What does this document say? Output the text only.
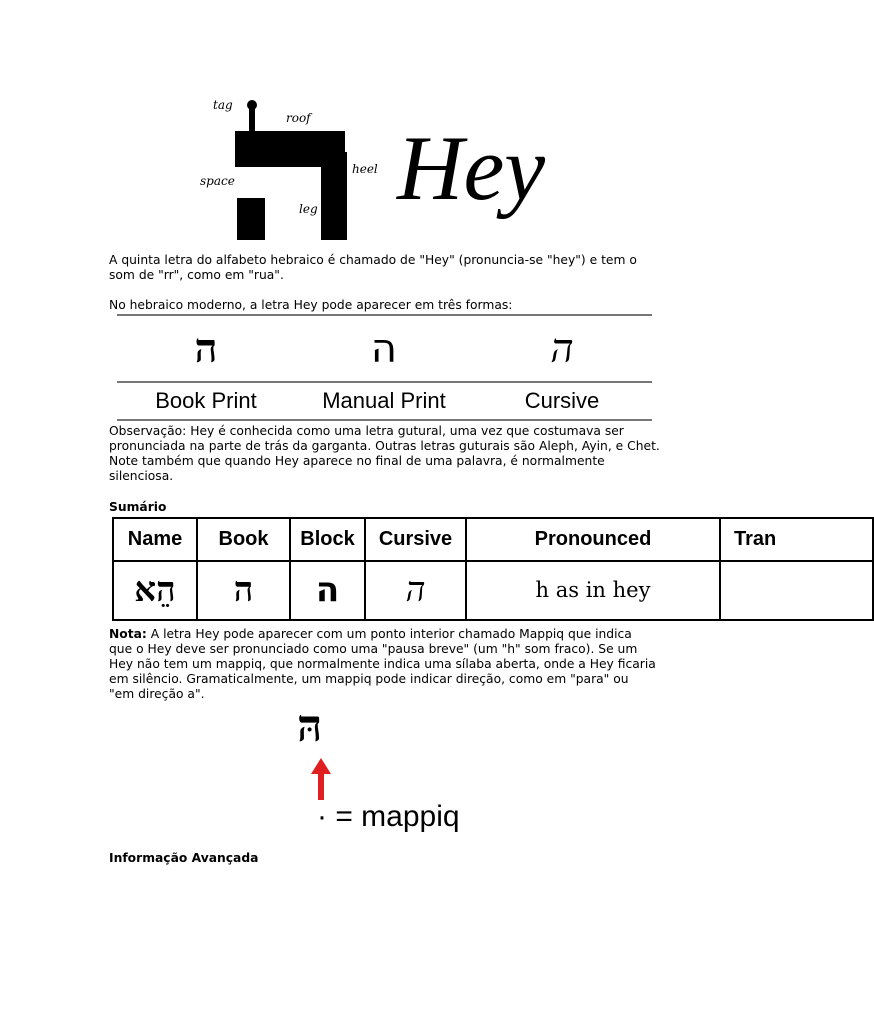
tag
roof
space
heel
leg Hey
A quinta letra do alfabeto hebraico é chamado de "Hey" (pronuncia-se "hey") e tem o som de "rr", como em "rua".
No hebraico moderno, a letra Hey pode aparecer em três formas:
ה
Book Print
ה
Manual Print
ה
Cursive
Observação: Hey é conhecida como uma letra gutural, uma vez que costumava ser pronunciada na parte de trás da garganta. Outras letras guturais são Aleph, Ayin, e Chet. Note também que quando Hey aparece no final de uma palavra, é normalmente silenciosa.
Sumário
Name	Book	Block	Cursive	Pronounced	Tran
הֵא	ה	ה	ה	h as in hey	
Nota: A letra Hey pode aparecer com um ponto interior chamado Mappiq que indica que o Hey deve ser pronunciado como uma "pausa breve" (um "h" som fraco). Se um Hey não tem um mappiq, que normalmente indica uma sílaba aberta, onde a Hey ficaria em silêncio. Gramaticalmente, um mappiq pode indicar direção, como em "para" ou "em direção a".
הּ
· = mappiq
Informação Avançada
